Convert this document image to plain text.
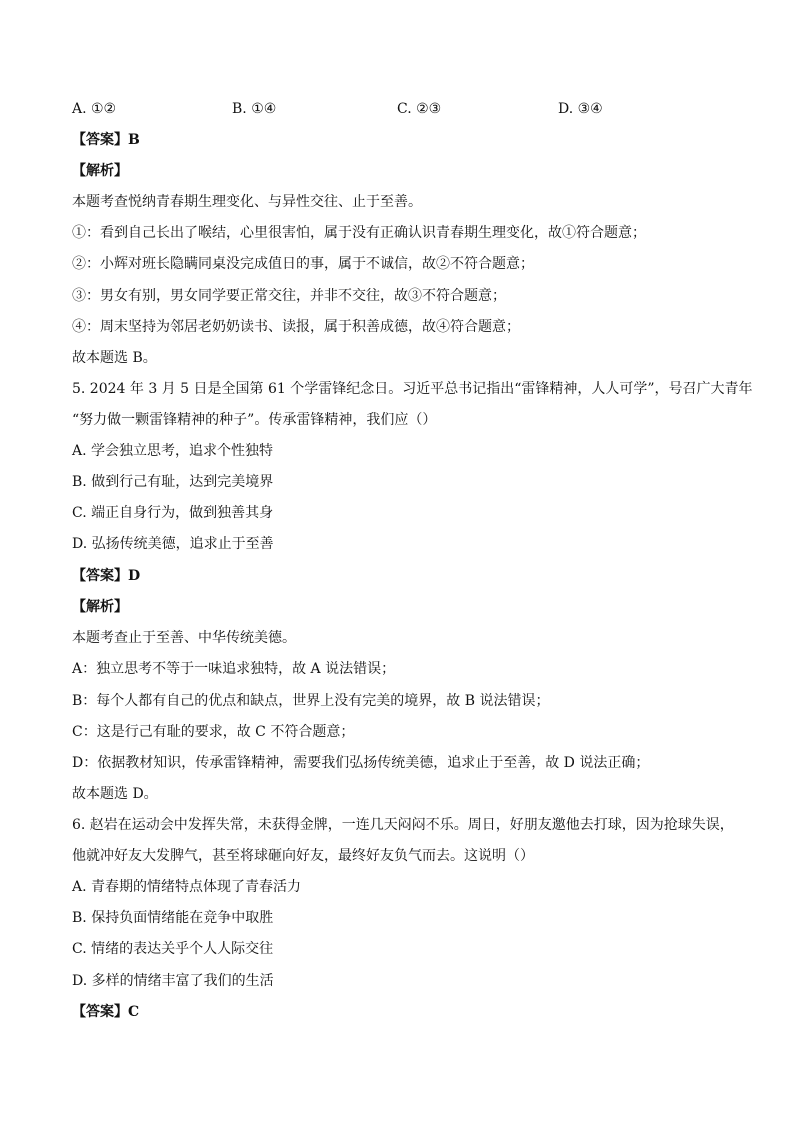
A. ①②	B. ①④	C. ②③	D. ③④
【答案】B
【解析】
本题考查悦纳青春期生理变化、与异性交往、止于至善。
①：看到自己长出了喉结，心里很害怕，属于没有正确认识青春期生理变化，故①符合题意；
②：小辉对班长隐瞒同桌没完成值日的事，属于不诚信，故②不符合题意；
③：男女有别，男女同学要正常交往，并非不交往，故③不符合题意；
④：周末坚持为邻居老奶奶读书、读报，属于积善成德，故④符合题意；
故本题选 B。
5. 2024 年 3 月 5 日是全国第 61 个学雷锋纪念日。习近平总书记指出“雷锋精神，人人可学”，号召广大青年
“努力做一颗雷锋精神的种子”。传承雷锋精神，我们应（）
A. 学会独立思考，追求个性独特
B. 做到行己有耻，达到完美境界
C. 端正自身行为，做到独善其身
D. 弘扬传统美德，追求止于至善
【答案】D
【解析】
本题考查止于至善、中华传统美德。
A：独立思考不等于一味追求独特，故 A 说法错误；
B：每个人都有自己的优点和缺点，世界上没有完美的境界，故 B 说法错误；
C：这是行己有耻的要求，故 C 不符合题意；
D：依据教材知识，传承雷锋精神，需要我们弘扬传统美德，追求止于至善，故 D 说法正确；
故本题选 D。
6. 赵岩在运动会中发挥失常，未获得金牌，一连几天闷闷不乐。周日，好朋友邀他去打球，因为抢球失误，
他就冲好友大发脾气，甚至将球砸向好友，最终好友负气而去。这说明（）
A. 青春期的情绪特点体现了青春活力
B. 保持负面情绪能在竞争中取胜
C. 情绪的表达关乎个人人际交往
D. 多样的情绪丰富了我们的生活
【答案】C
